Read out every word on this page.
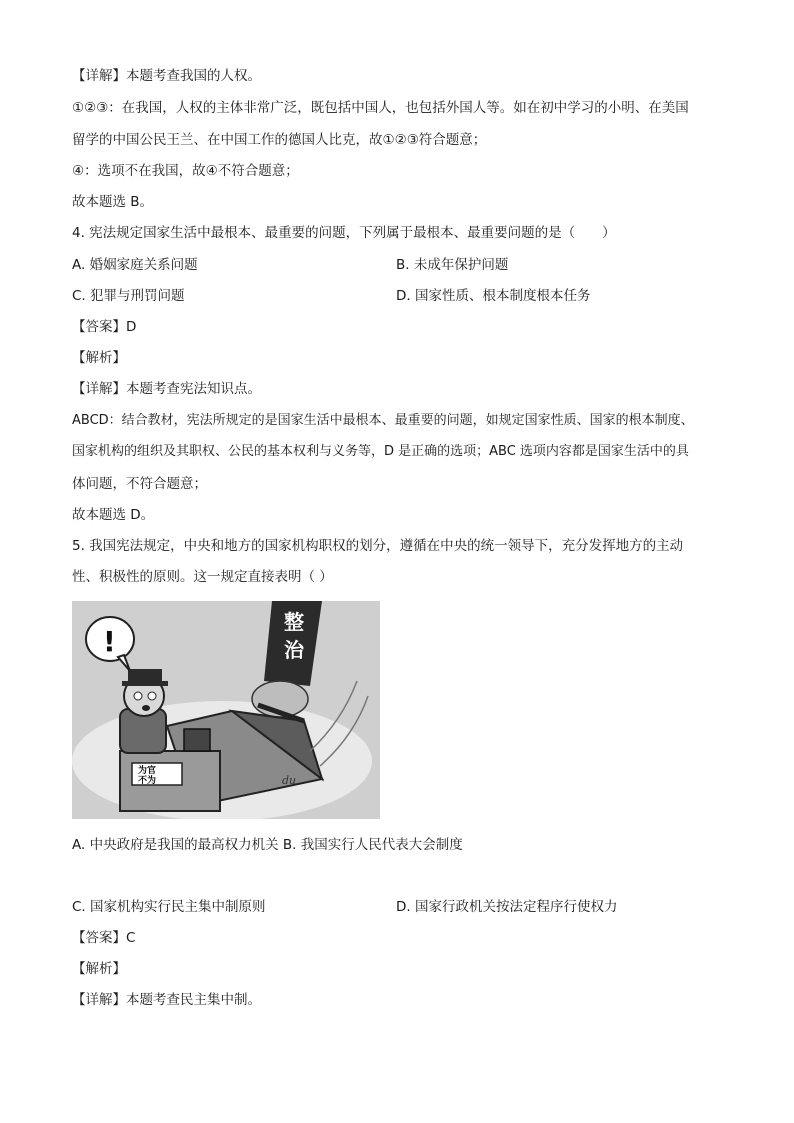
【详解】本题考查我国的人权。
①②③：在我国，人权的主体非常广泛，既包括中国人，也包括外国人等。如在初中学习的小明、在美国
留学的中国公民王兰、在中国工作的德国人比克，故①②③符合题意；
④：选项不在我国，故④不符合题意；
故本题选 B。
4. 宪法规定国家生活中最根本、最重要的问题，下列属于最根本、最重要问题的是（　　）
A. 婚姻家庭关系问题	B. 未成年保护问题
C. 犯罪与刑罚问题	D. 国家性质、根本制度根本任务
【答案】D
【解析】
【详解】本题考查宪法知识点。
ABCD：结合教材，宪法所规定的是国家生活中最根本、最重要的问题，如规定国家性质、国家的根本制度、
国家机构的组织及其职权、公民的基本权利与义务等，D 是正确的选项；ABC 选项内容都是国家生活中的具
体问题，不符合题意；
故本题选 D。
5. 我国宪法规定，中央和地方的国家机构职权的划分，遵循在中央的统一领导下，充分发挥地方的主动
性、积极性的原则。这一规定直接表明（ ）
整
治
为官
不为
!
du
A. 中央政府是我国的最高权力机关 B. 我国实行人民代表大会制度
C. 国家机构实行民主集中制原则	D. 国家行政机关按法定程序行使权力
【答案】C
【解析】
【详解】本题考查民主集中制。
